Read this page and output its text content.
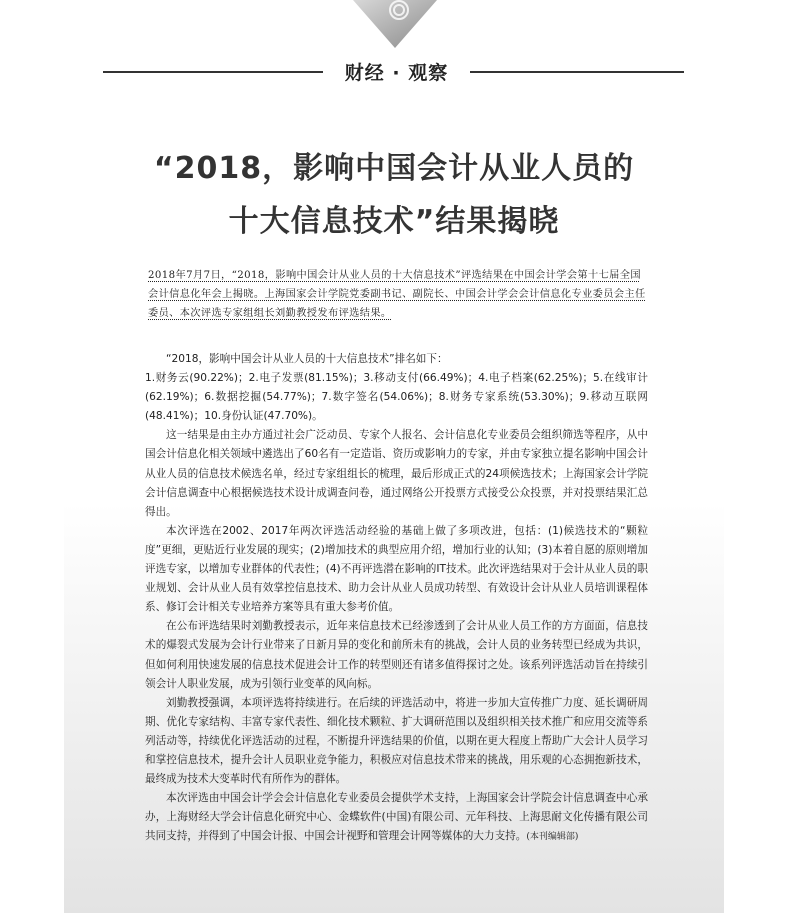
财经 · 观察
“2018，影响中国会计从业人员的
十大信息技术”结果揭晓
2018年7月7日，“2018，影响中国会计从业人员的十大信息技术”评选结果在中国会计学会第十七届全国会计信息化年会上揭晓。上海国家会计学院党委副书记、副院长、中国会计学会会计信息化专业委员会主任委员、本次评选专家组组长刘勤教授发布评选结果。

“2018，影响中国会计从业人员的十大信息技术”排名如下：

1.财务云(90.22%)；2.电子发票(81.15%)；3.移动支付(66.49%)；4.电子档案(62.25%)；5.在线审计(62.19%)；6.数据挖掘(54.77%)；7.数字签名(54.06%)；8.财务专家系统(53.30%)；9.移动互联网(48.41%)；10.身份认证(47.70%)。

这一结果是由主办方通过社会广泛动员、专家个人报名、会计信息化专业委员会组织筛选等程序，从中国会计信息化相关领域中遴选出了60名有一定造诣、资历或影响力的专家，并由专家独立提名影响中国会计从业人员的信息技术候选名单，经过专家组组长的梳理，最后形成正式的24项候选技术；上海国家会计学院会计信息调查中心根据候选技术设计成调查问卷，通过网络公开投票方式接受公众投票，并对投票结果汇总得出。

本次评选在2002、2017年两次评选活动经验的基础上做了多项改进，包括：(1)候选技术的“颗粒度”更细，更贴近行业发展的现实；(2)增加技术的典型应用介绍，增加行业的认知；(3)本着自愿的原则增加评选专家，以增加专业群体的代表性；(4)不再评选潜在影响的IT技术。此次评选结果对于会计从业人员的职业规划、会计从业人员有效掌控信息技术、助力会计从业人员成功转型、有效设计会计从业人员培训课程体系、修订会计相关专业培养方案等具有重大参考价值。

在公布评选结果时刘勤教授表示，近年来信息技术已经渗透到了会计从业人员工作的方方面面，信息技术的爆裂式发展为会计行业带来了日新月异的变化和前所未有的挑战，会计人员的业务转型已经成为共识，但如何利用快速发展的信息技术促进会计工作的转型则还有诸多值得探讨之处。该系列评选活动旨在持续引领会计人职业发展，成为引领行业变革的风向标。

刘勤教授强调，本项评选将持续进行。在后续的评选活动中，将进一步加大宣传推广力度、延长调研周期、优化专家结构、丰富专家代表性、细化技术颗粒、扩大调研范围以及组织相关技术推广和应用交流等系列活动等，持续优化评选活动的过程，不断提升评选结果的价值，以期在更大程度上帮助广大会计人员学习和掌控信息技术，提升会计人员职业竞争能力，积极应对信息技术带来的挑战，用乐观的心态拥抱新技术，最终成为技术大变革时代有所作为的群体。

本次评选由中国会计学会会计信息化专业委员会提供学术支持，上海国家会计学院会计信息调查中心承办，上海财经大学会计信息化研究中心、金蝶软件(中国)有限公司、元年科技、上海思耐文化传播有限公司共同支持，并得到了中国会计报、中国会计视野和管理会计网等媒体的大力支持。(本刊编辑部)
